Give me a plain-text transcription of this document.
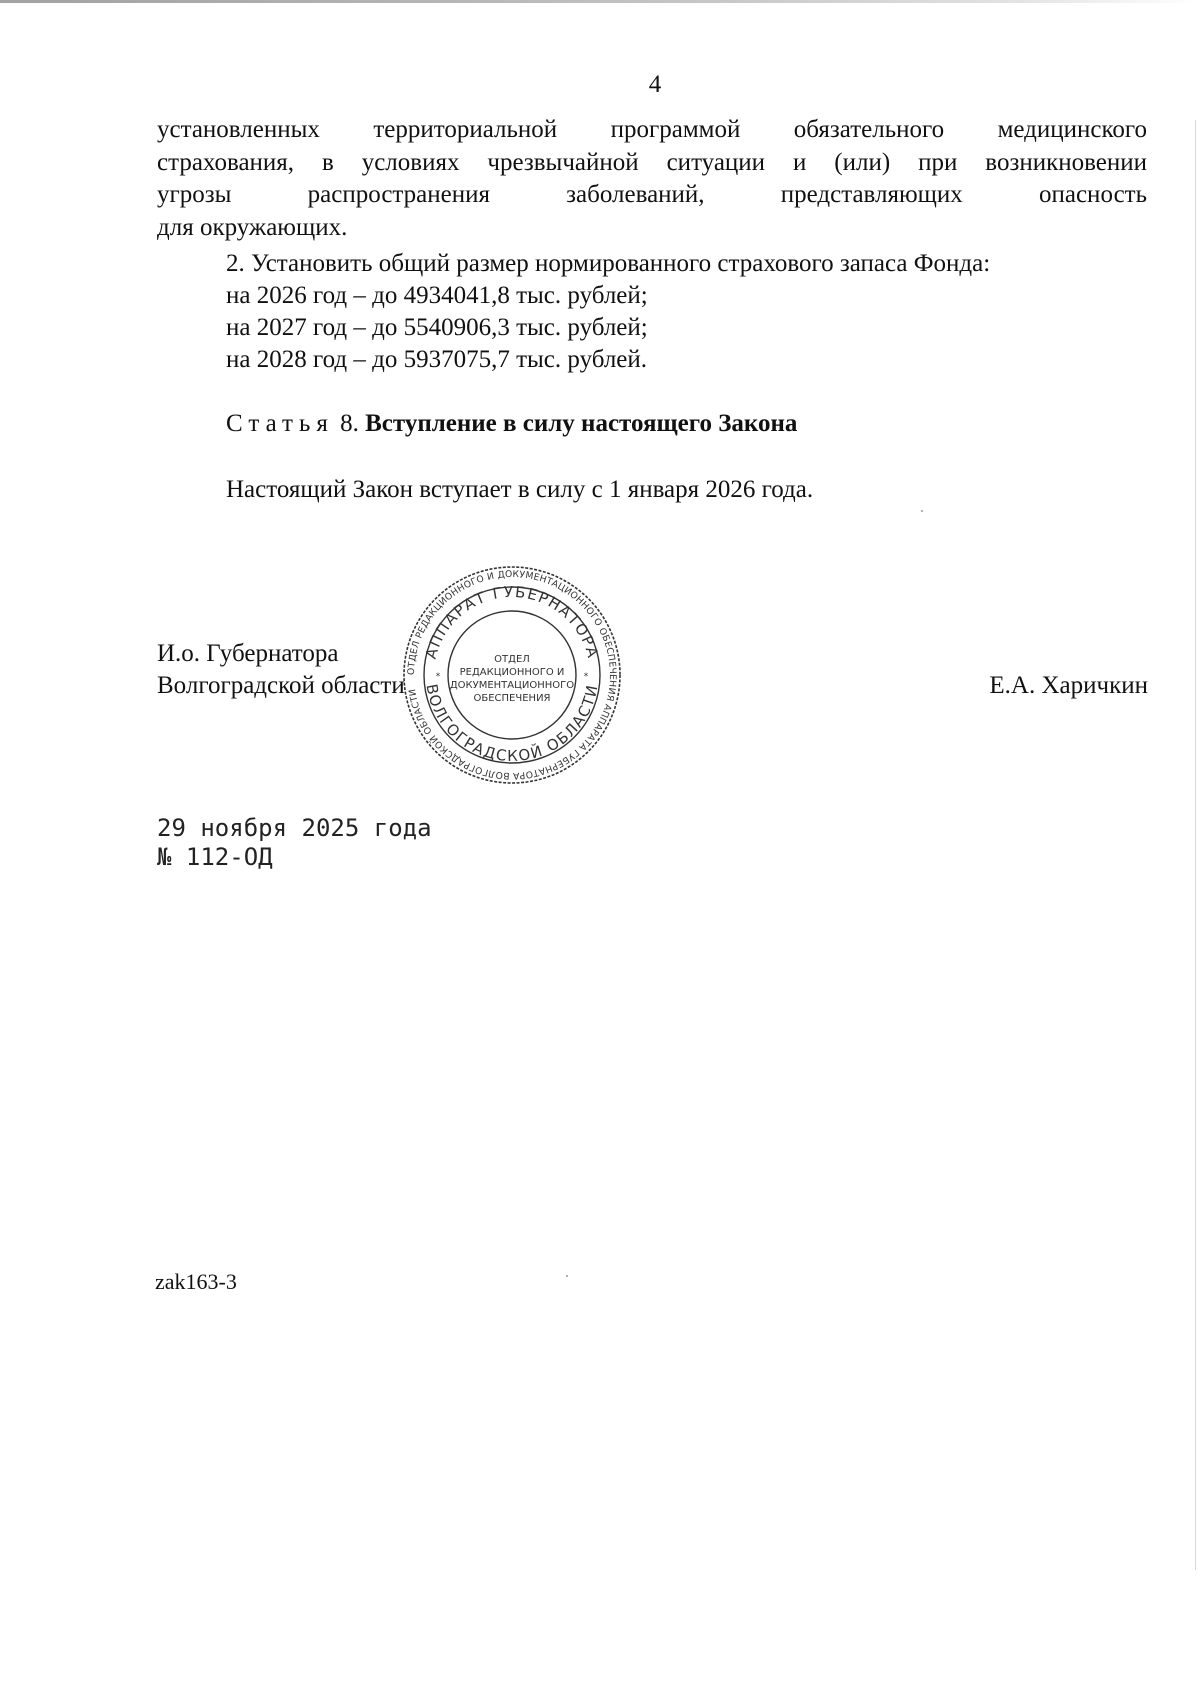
4
установленных территориальной программой обязательного медицинского
страхования, в условиях чрезвычайной ситуации и (или) при возникновении
угрозы распространения заболеваний, представляющих опасность
для окружающих.
2. Установить общий размер нормированного страхового запаса Фонда:
на 2026 год – до 4934041,8 тыс. рублей;
на 2027 год – до 5540906,3 тыс. рублей;
на 2028 год – до 5937075,7 тыс. рублей.
Статья 8. Вступление в силу настоящего Закона
Настоящий Закон вступает в силу с 1 января 2026 года.
И.о. Губернатора
Волгоградской области	Е.А. Харичкин
ОТДЕЛ РЕДАКЦИОННОГО И ДОКУМЕНТАЦИОННОГО ОБЕСПЕЧЕНИЯ АППАРАТА ГУБЕРНАТОРА ВОЛГОГРАДСКОЙ ОБЛАСТИ
АППАРАТ ГУБЕРНАТОРА
ВОЛГОГРАДСКОЙ ОБЛАСТИ
ОТДЕЛ
РЕДАКЦИОННОГО И
ДОКУМЕНТАЦИОННОГО
ОБЕСПЕЧЕНИЯ
*	*
29 ноября 2025 года
№ 112-ОД
zak163-3
